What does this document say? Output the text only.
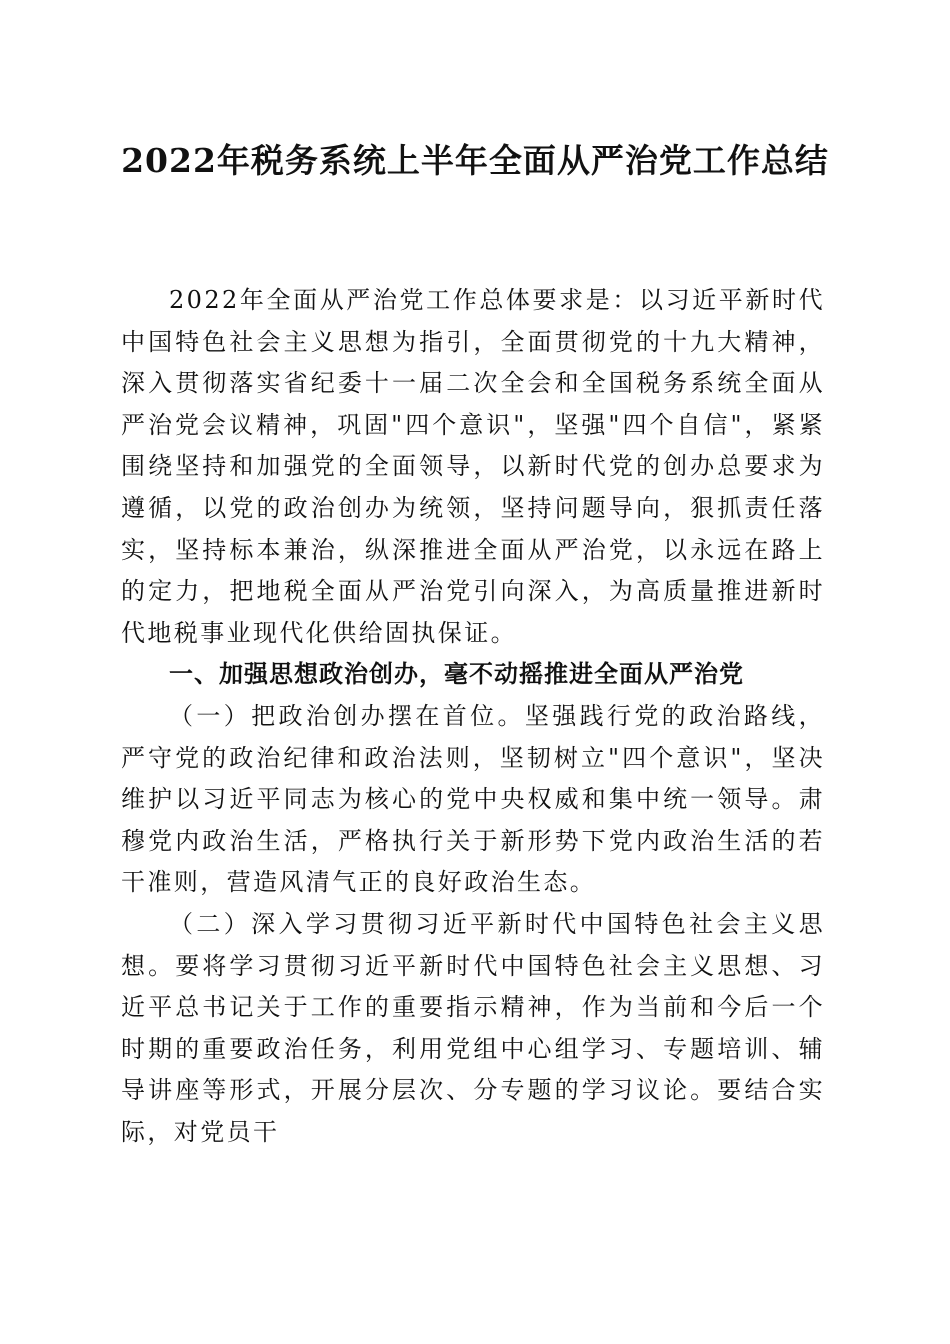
2022年税务系统上半年全面从严治党工作总结

2022年全面从严治党工作总体要求是：以习近平新时代中国特色社会主义思想为指引，全面贯彻党的十九大精神，深入贯彻落实省纪委十一届二次全会和全国税务系统全面从严治党会议精神，巩固"四个意识"，坚强"四个自信"，紧紧围绕坚持和加强党的全面领导，以新时代党的创办总要求为遵循，以党的政治创办为统领，坚持问题导向，狠抓责任落实，坚持标本兼治，纵深推进全面从严治党，以永远在路上的定力，把地税全面从严治党引向深入，为高质量推进新时代地税事业现代化供给固执保证。

一、加强思想政治创办，毫不动摇推进全面从严治党

（一）把政治创办摆在首位。坚强践行党的政治路线，严守党的政治纪律和政治法则，坚韧树立"四个意识"，坚决维护以习近平同志为核心的党中央权威和集中统一领导。肃穆党内政治生活，严格执行关于新形势下党内政治生活的若干准则，营造风清气正的良好政治生态。

（二）深入学习贯彻习近平新时代中国特色社会主义思想。要将学习贯彻习近平新时代中国特色社会主义思想、习近平总书记关于工作的重要指示精神，作为当前和今后一个时期的重要政治任务，利用党组中心组学习、专题培训、辅导讲座等形式，开展分层次、分专题的学习议论。要结合实际，对党员干
